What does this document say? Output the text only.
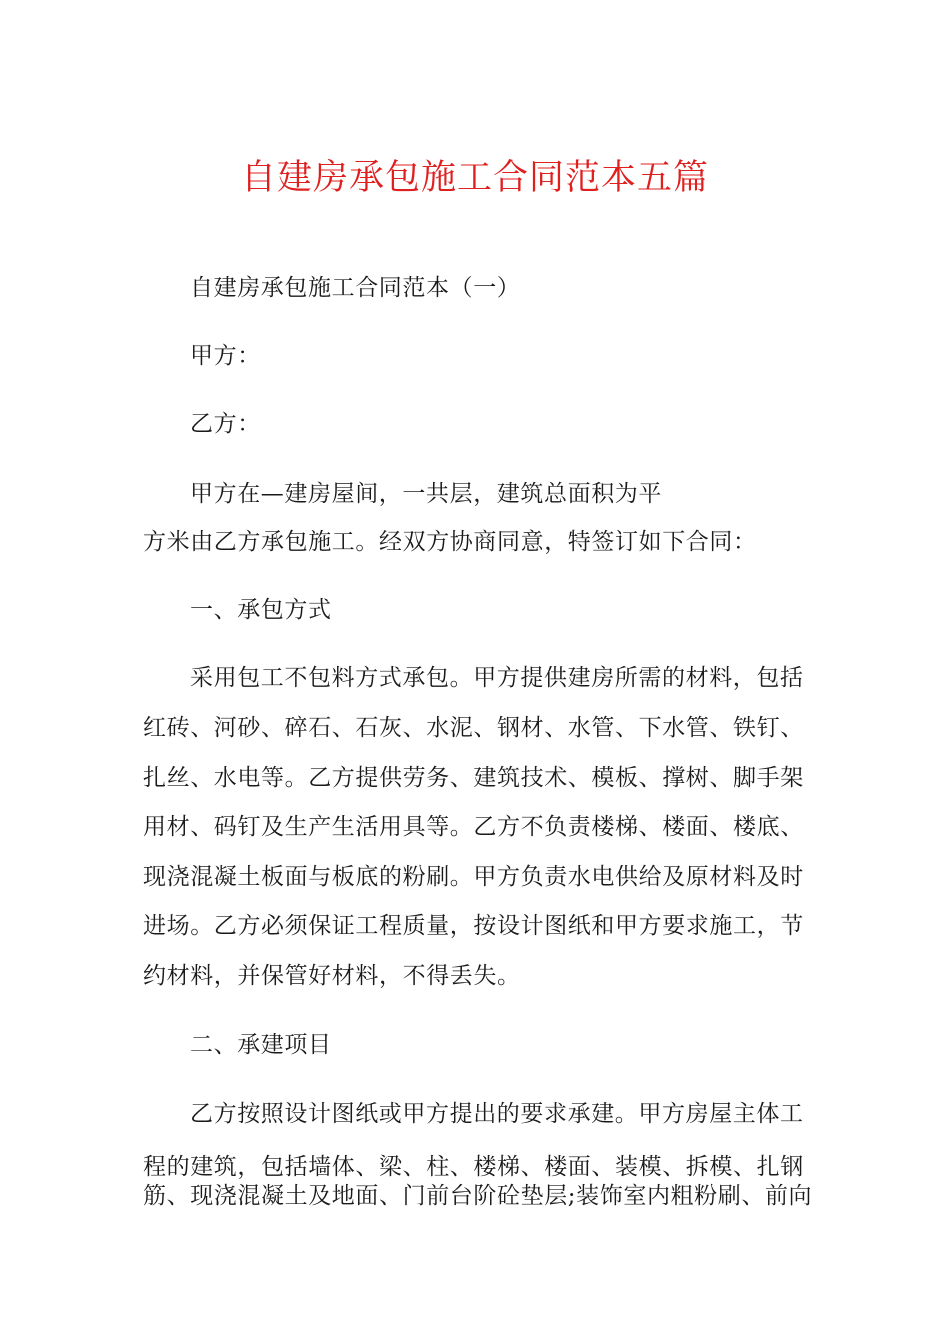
自建房承包施工合同范本五篇
自建房承包施工合同范本（一）
甲方：
乙方：
甲方在—建房屋间，一共层，建筑总面积为平
方米由乙方承包施工。经双方协商同意，特签订如下合同：
一、承包方式
采用包工不包料方式承包。甲方提供建房所需的材料，包括
红砖、河砂、碎石、石灰、水泥、钢材、水管、下水管、铁钉、
扎丝、水电等。乙方提供劳务、建筑技术、模板、撑树、脚手架
用材、码钉及生产生活用具等。乙方不负责楼梯、楼面、楼底、
现浇混凝土板面与板底的粉刷。甲方负责水电供给及原材料及时
进场。乙方必须保证工程质量，按设计图纸和甲方要求施工，节
约材料，并保管好材料，不得丢失。
二、承建项目
乙方按照设计图纸或甲方提出的要求承建。甲方房屋主体工
程的建筑，包括墙体、梁、柱、楼梯、楼面、装模、拆模、扎钢
筋、现浇混凝土及地面、门前台阶砼垫层;装饰室内粗粉刷、前向
